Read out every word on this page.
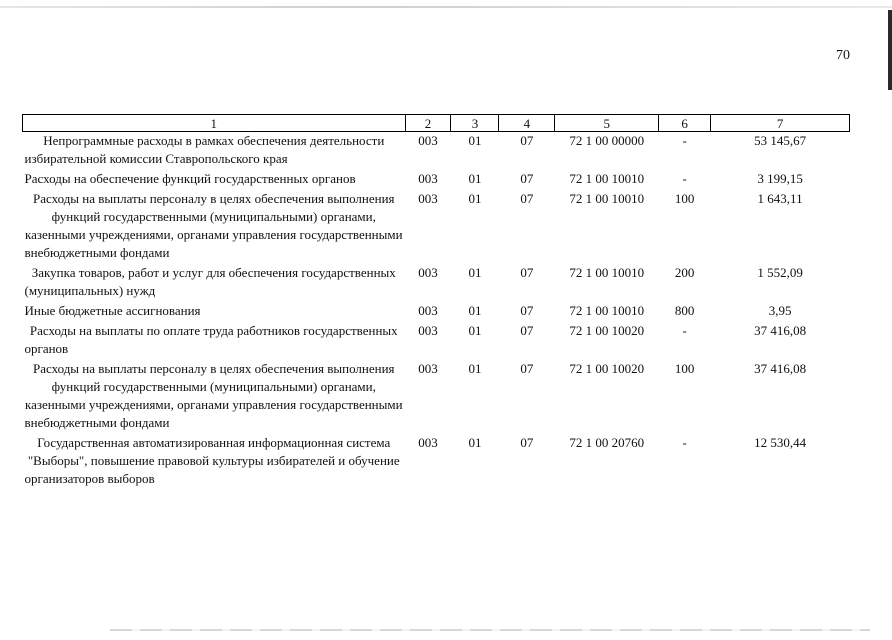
70
1	2	3	4	5	6	7
Непрограммные расходы в рамках обеспечения деятельности избирательной комиссии Ставропольского края	003	01	07	72 1 00 00000	-	53 145,67
Расходы на обеспечение функций государственных органов	003	01	07	72 1 00 10010	-	3 199,15
Расходы на выплаты персоналу в целях обеспечения выполнения функций государственными (муниципальными) органами, казенными учреждениями, органами управления государственными внебюджетными фондами	003	01	07	72 1 00 10010	100	1 643,11
Закупка товаров, работ и услуг для обеспечения государственных (муниципальных) нужд	003	01	07	72 1 00 10010	200	1 552,09
Иные бюджетные ассигнования	003	01	07	72 1 00 10010	800	3,95
Расходы на выплаты по оплате труда работников государственных органов	003	01	07	72 1 00 10020	-	37 416,08
Расходы на выплаты персоналу в целях обеспечения выполнения функций государственными (муниципальными) органами, казенными учреждениями, органами управления государственными внебюджетными фондами	003	01	07	72 1 00 10020	100	37 416,08
Государственная автоматизированная информационная система "Выборы", повышение правовой культуры избирателей и обучение организаторов выборов	003	01	07	72 1 00 20760	-	12 530,44
